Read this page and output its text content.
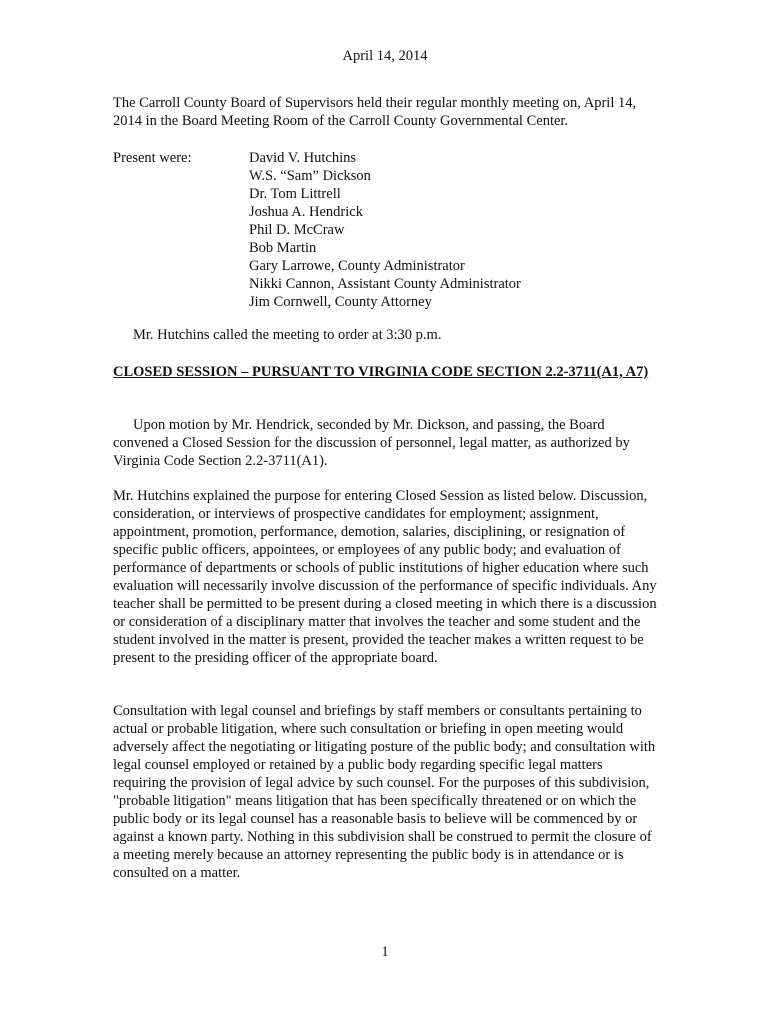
April 14, 2014
The Carroll County Board of Supervisors held their regular monthly meeting on, April 14, 2014 in the Board Meeting Room of the Carroll County Governmental Center.
Present were:	David V. Hutchins
W.S. “Sam” Dickson
Dr. Tom Littrell
Joshua A. Hendrick
Phil D. McCraw
Bob Martin
Gary Larrowe, County Administrator
Nikki Cannon, Assistant County Administrator
Jim Cornwell, County Attorney
Mr. Hutchins called the meeting to order at 3:30 p.m.
CLOSED SESSION – PURSUANT TO VIRGINIA CODE SECTION 2.2-3711(A1, A7)
Upon motion by Mr. Hendrick, seconded by Mr. Dickson, and passing, the Board convened a Closed Session for the discussion of personnel, legal matter, as authorized by Virginia Code Section 2.2-3711(A1).
Mr. Hutchins explained the purpose for entering Closed Session as listed below. Discussion, consideration, or interviews of prospective candidates for employment; assignment, appointment, promotion, performance, demotion, salaries, disciplining, or resignation of specific public officers, appointees, or employees of any public body; and evaluation of performance of departments or schools of public institutions of higher education where such evaluation will necessarily involve discussion of the performance of specific individuals. Any teacher shall be permitted to be present during a closed meeting in which there is a discussion or consideration of a disciplinary matter that involves the teacher and some student and the student involved in the matter is present, provided the teacher makes a written request to be present to the presiding officer of the appropriate board.
Consultation with legal counsel and briefings by staff members or consultants pertaining to actual or probable litigation, where such consultation or briefing in open meeting would adversely affect the negotiating or litigating posture of the public body; and consultation with legal counsel employed or retained by a public body regarding specific legal matters requiring the provision of legal advice by such counsel. For the purposes of this subdivision, "probable litigation" means litigation that has been specifically threatened or on which the public body or its legal counsel has a reasonable basis to believe will be commenced by or against a known party. Nothing in this subdivision shall be construed to permit the closure of a meeting merely because an attorney representing the public body is in attendance or is consulted on a matter.
1
